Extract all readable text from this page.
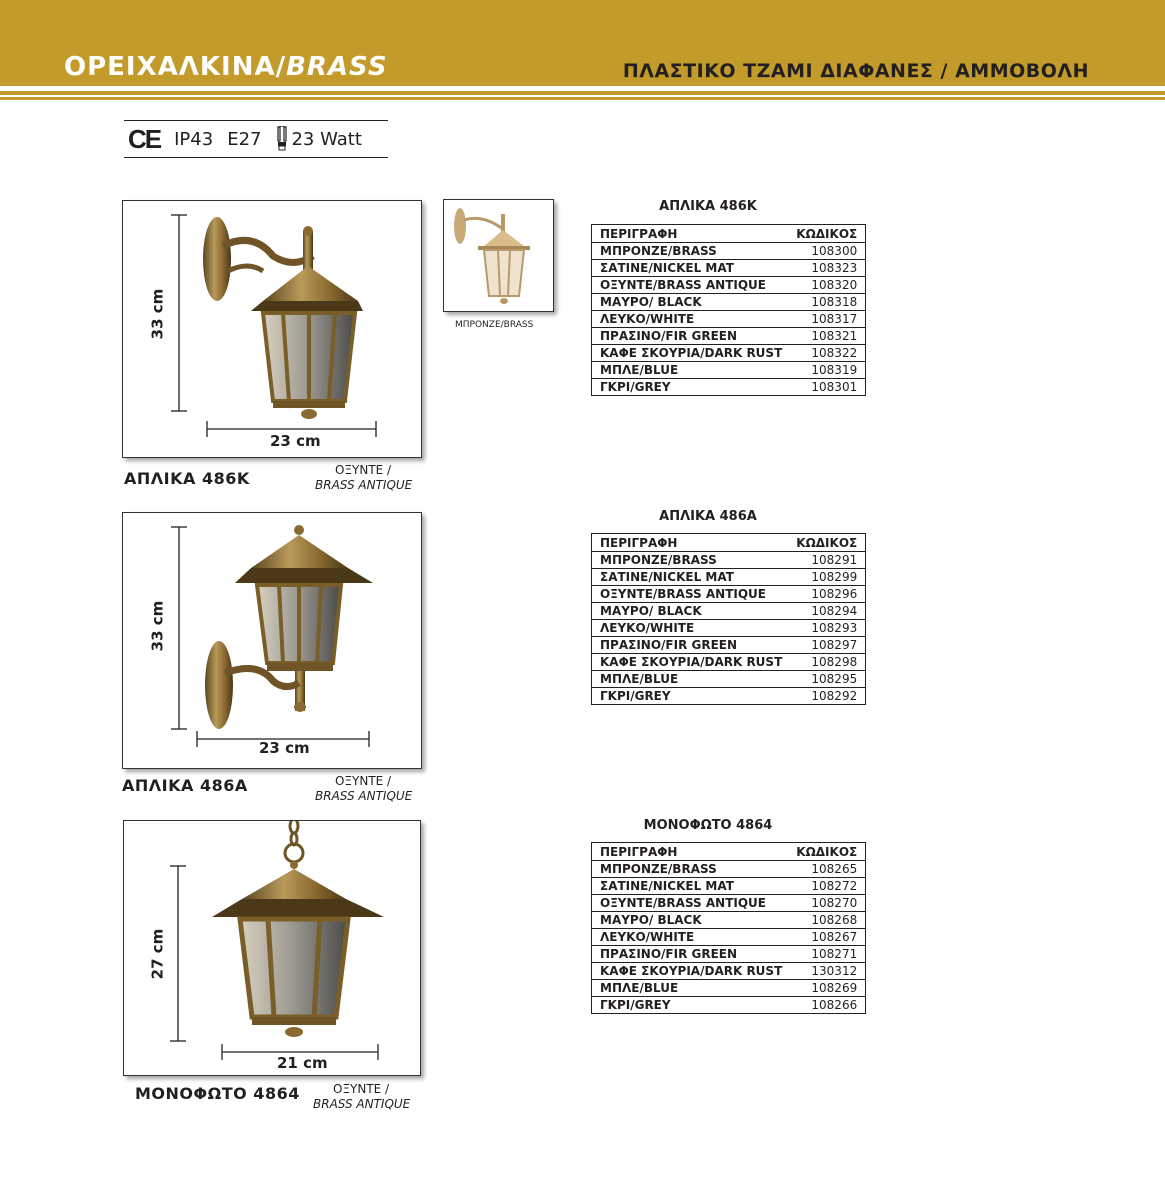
ΟΡΕΙΧΑΛΚΙΝΑ/BRASS	ΠΛΑΣΤΙΚΟ ΤΖΑΜΙ ΔΙΑΦΑΝΕΣ / ΑΜΜΟΒΟΛΗ
CE IP43 E27 23 Watt
33 cm
23 cm
ΑΠΛΙΚΑ 486Κ	ΟΞΥΝΤΕ /
BRASS ANTIQUE
ΜΠΡΟΝΖΕ/BRASS
ΑΠΛΙΚΑ 486Κ
ΠΕΡΙΓΡΑΦΗ	ΚΩΔΙΚΟΣ
ΜΠΡΟΝΖΕ/BRASS	108300
ΣΑΤΙΝΕ/NICKEL MAT	108323
ΟΞΥΝΤΕ/BRASS ANTIQUE	108320
ΜΑΥΡΟ/ BLACK	108318
ΛΕΥΚΟ/WHITE	108317
ΠΡΑΣΙΝΟ/FIR GREEN	108321
ΚΑΦΕ ΣΚΟΥΡΙΑ/DARK RUST	108322
ΜΠΛΕ/BLUE	108319
ΓΚΡΙ/GREY	108301
33 cm
23 cm
ΑΠΛΙΚΑ 486Α	ΟΞΥΝΤΕ /
BRASS ANTIQUE
ΑΠΛΙΚΑ 486Α
ΠΕΡΙΓΡΑΦΗ	ΚΩΔΙΚΟΣ
ΜΠΡΟΝΖΕ/BRASS	108291
ΣΑΤΙΝΕ/NICKEL MAT	108299
ΟΞΥΝΤΕ/BRASS ANTIQUE	108296
ΜΑΥΡΟ/ BLACK	108294
ΛΕΥΚΟ/WHITE	108293
ΠΡΑΣΙΝΟ/FIR GREEN	108297
ΚΑΦΕ ΣΚΟΥΡΙΑ/DARK RUST	108298
ΜΠΛΕ/BLUE	108295
ΓΚΡΙ/GREY	108292
27 cm
21 cm
ΜΟΝΟΦΩΤΟ 4864	ΟΞΥΝΤΕ /
BRASS ANTIQUE
ΜΟΝΟΦΩΤΟ 4864
ΠΕΡΙΓΡΑΦΗ	ΚΩΔΙΚΟΣ
ΜΠΡΟΝΖΕ/BRASS	108265
ΣΑΤΙΝΕ/NICKEL MAT	108272
ΟΞΥΝΤΕ/BRASS ANTIQUE	108270
ΜΑΥΡΟ/ BLACK	108268
ΛΕΥΚΟ/WHITE	108267
ΠΡΑΣΙΝΟ/FIR GREEN	108271
ΚΑΦΕ ΣΚΟΥΡΙΑ/DARK RUST	130312
ΜΠΛΕ/BLUE	108269
ΓΚΡΙ/GREY	108266
